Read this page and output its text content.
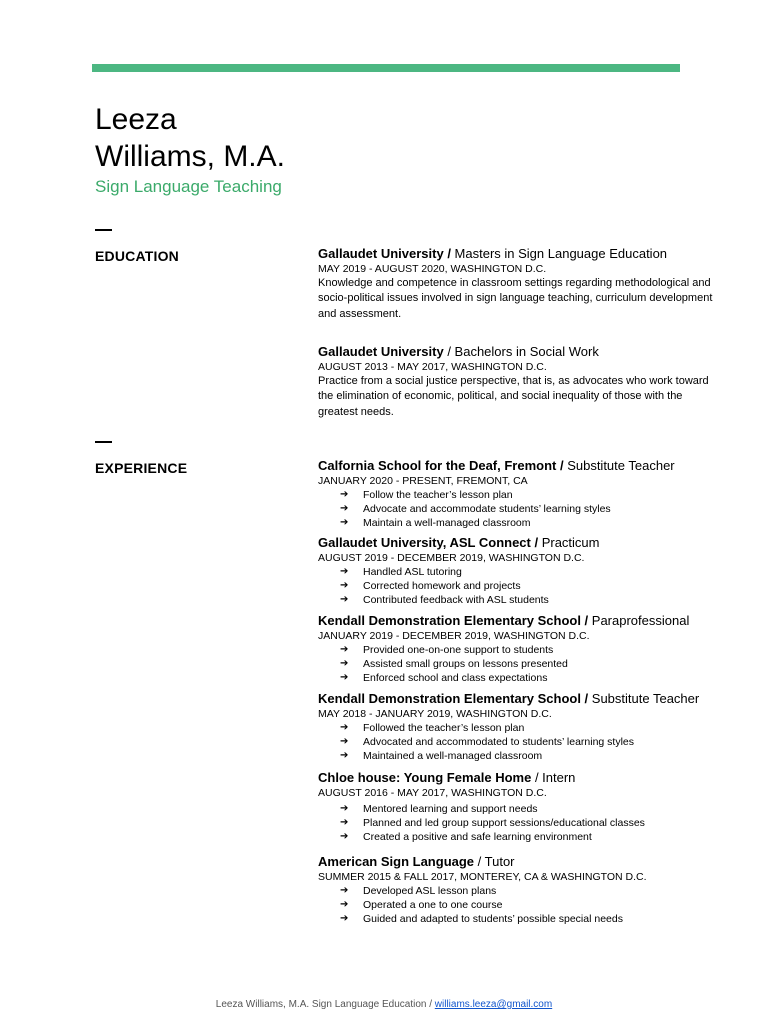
Leeza
Williams, M.A.
Sign Language Teaching
EDUCATION	Gallaudet University / Masters in Sign Language Education
MAY 2019 - AUGUST 2020, WASHINGTON D.C.
Knowledge and competence in classroom settings regarding methodological and socio-political issues involved in sign language teaching, curriculum development and assessment.
Gallaudet University / Bachelors in Social Work
AUGUST 2013 - MAY 2017, WASHINGTON D.C.
Practice from a social justice perspective, that is, as advocates who work toward the elimination of economic, political, and social inequality of those with the greatest needs.
EXPERIENCE	Calfornia School for the Deaf, Fremont / Substitute Teacher
JANUARY 2020 - PRESENT, FREMONT, CA
➔ Follow the teacher’s lesson plan
➔ Advocate and accommodate students’ learning styles
➔ Maintain a well-managed classroom
Gallaudet University, ASL Connect / Practicum
AUGUST 2019 - DECEMBER 2019, WASHINGTON D.C.
➔ Handled ASL tutoring
➔ Corrected homework and projects
➔ Contributed feedback with ASL students
Kendall Demonstration Elementary School / Paraprofessional
JANUARY 2019 - DECEMBER 2019, WASHINGTON D.C.
➔ Provided one-on-one support to students
➔ Assisted small groups on lessons presented
➔ Enforced school and class expectations
Kendall Demonstration Elementary School / Substitute Teacher
MAY 2018 - JANUARY 2019, WASHINGTON D.C.
➔ Followed the teacher’s lesson plan
➔ Advocated and accommodated to students’ learning styles
➔ Maintained a well-managed classroom
Chloe house: Young Female Home / Intern
AUGUST 2016 - MAY 2017, WASHINGTON D.C.
➔ Mentored learning and support needs
➔ Planned and led group support sessions/educational classes
➔ Created a positive and safe learning environment
American Sign Language / Tutor
SUMMER 2015 & FALL 2017, MONTEREY, CA & WASHINGTON D.C.
➔ Developed ASL lesson plans
➔ Operated a one to one course
➔ Guided and adapted to students’ possible special needs
Leeza Williams, M.A. Sign Language Education / williams.leeza@gmail.com
